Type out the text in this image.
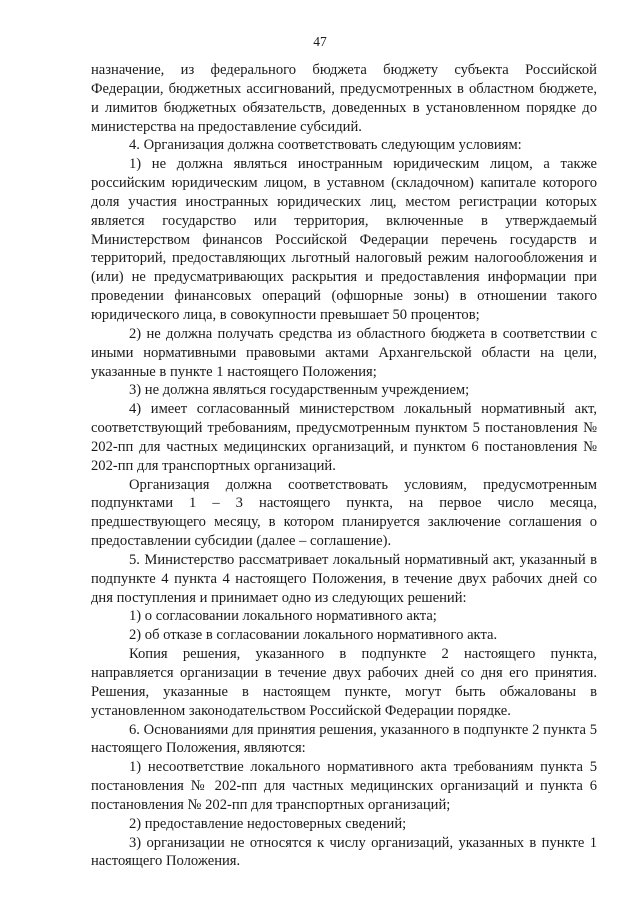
47

назначение, из федерального бюджета бюджету субъекта Российской Федерации, бюджетных ассигнований, предусмотренных в областном бюджете, и лимитов бюджетных обязательств, доведенных в установленном порядке до министерства на предоставление субсидий.

4. Организация должна соответствовать следующим условиям:

1) не должна являться иностранным юридическим лицом, а также российским юридическим лицом, в уставном (складочном) капитале которого доля участия иностранных юридических лиц, местом регистрации которых является государство или территория, включенные в утверждаемый Министерством финансов Российской Федерации перечень государств и территорий, предоставляющих льготный налоговый режим налогообложения и (или) не предусматривающих раскрытия и предоставления информации при проведении финансовых операций (офшорные зоны) в отношении такого юридического лица, в совокупности превышает 50 процентов;

2) не должна получать средства из областного бюджета в соответствии с иными нормативными правовыми актами Архангельской области на цели, указанные в пункте 1 настоящего Положения;

3) не должна являться государственным учреждением;

4) имеет согласованный министерством локальный нормативный акт, соответствующий требованиям, предусмотренным пунктом 5 постановления № 202-пп для частных медицинских организаций, и пунктом 6 постановления № 202-пп для транспортных организаций.

Организация должна соответствовать условиям, предусмотренным подпунктами 1 – 3 настоящего пункта, на первое число месяца, предшествующего месяцу, в котором планируется заключение соглашения о предоставлении субсидии (далее – соглашение).

5. Министерство рассматривает локальный нормативный акт, указанный в подпункте 4 пункта 4 настоящего Положения, в течение двух рабочих дней со дня поступления и принимает одно из следующих решений:

1) о согласовании локального нормативного акта;

2) об отказе в согласовании локального нормативного акта.

Копия решения, указанного в подпункте 2 настоящего пункта, направляется организации в течение двух рабочих дней со дня его принятия. Решения, указанные в настоящем пункте, могут быть обжалованы в установленном законодательством Российской Федерации порядке.

6. Основаниями для принятия решения, указанного в подпункте 2 пункта 5 настоящего Положения, являются:

1) несоответствие локального нормативного акта требованиям пункта 5 постановления № 202-пп для частных медицинских организаций и пункта 6 постановления № 202-пп для транспортных организаций;

2) предоставление недостоверных сведений;

3) организации не относятся к числу организаций, указанных в пункте 1 настоящего Положения.
